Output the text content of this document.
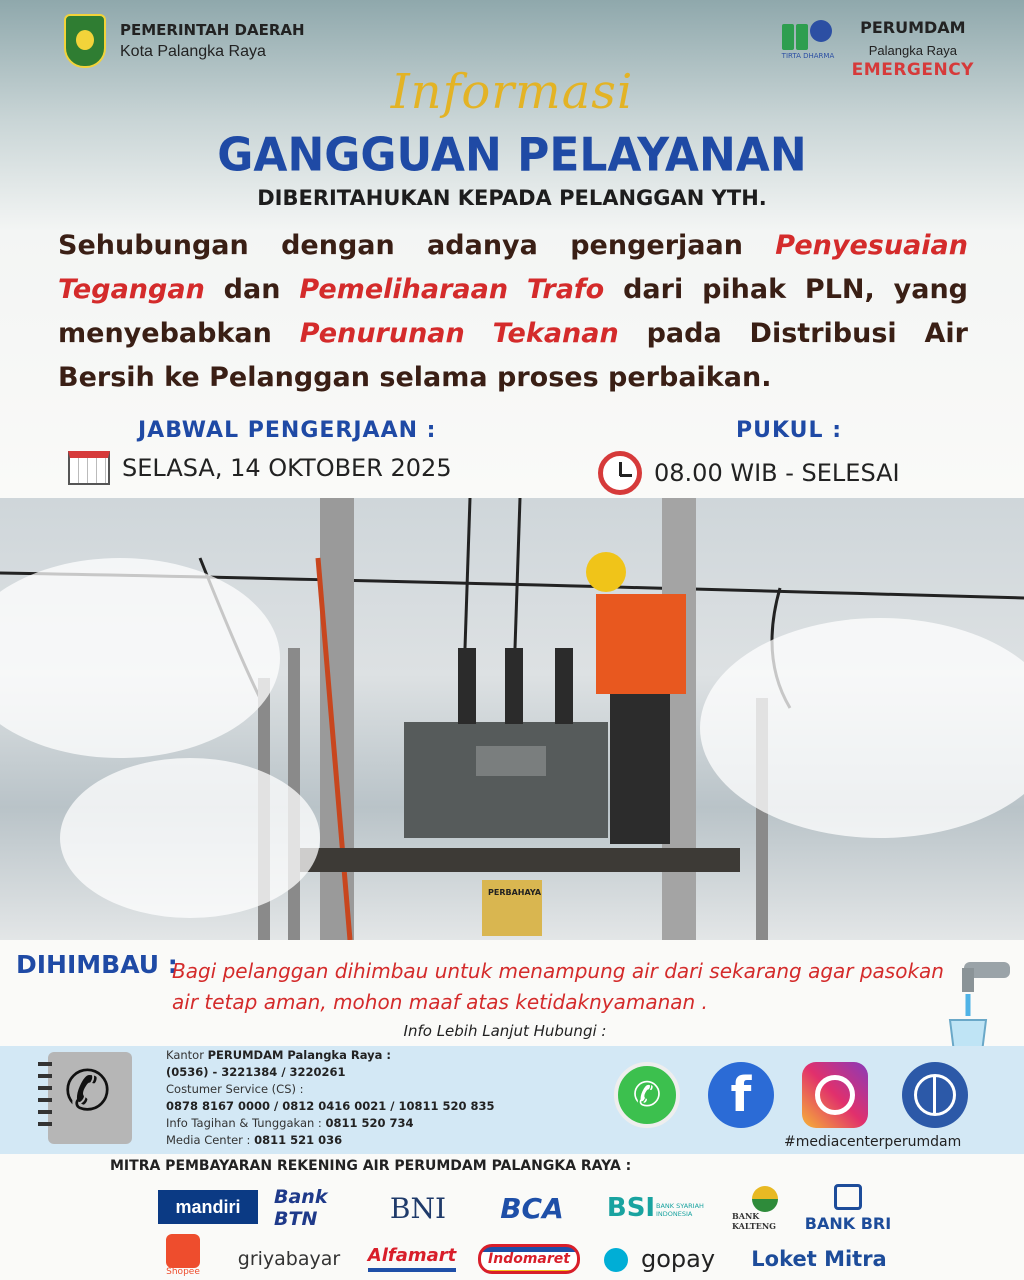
PEMERINTAH DAERAH
Kota Palangka Raya	TIRTA DHARMA
PERUMDAM
Palangka Raya
EMERGENCY
Informasi
GANGGUAN PELAYANAN
DIBERITAHUKAN KEPADA PELANGGAN YTH.
Sehubungan dengan adanya pengerjaan Penyesuaian Tegangan dan Pemeliharaan Trafo dari pihak PLN, yang menyebabkan Penurunan Tekanan pada Distribusi Air Bersih ke Pelanggan selama proses perbaikan.
JABWAL PENGERJAAN :
SELASA, 14 OKTOBER 2025
PUKUL :
08.00 WIB - SELESAI
PERBAHAYA
DIHIMBAU :
Bagi pelanggan dihimbau untuk menampung air dari sekarang agar pasokan air tetap aman, mohon maaf atas ketidaknyamanan .
Info Lebih Lanjut Hubungi :
✆
Kantor PERUMDAM Palangka Raya :
(0536) - 3221384 / 3220261
Costumer Service (CS) :
0878 8167 0000 / 0812 0416 0021 / 10811 520 835
Info Tagihan & Tunggakan : 0811 520 734
Media Center : 0811 521 036
✆	f
#mediacenterperumdam
MITRA PEMBAYARAN REKENING AIR PERUMDAM PALANGKA RAYA :
mandiri	Bank BTN	BNI	BCA	BSI BANK SYARIAH INDONESIA	BANK KALTENG	BANK BRI
Shopee
griyabayar	Alfamart	Indomaret	gopay	Loket Mitra
